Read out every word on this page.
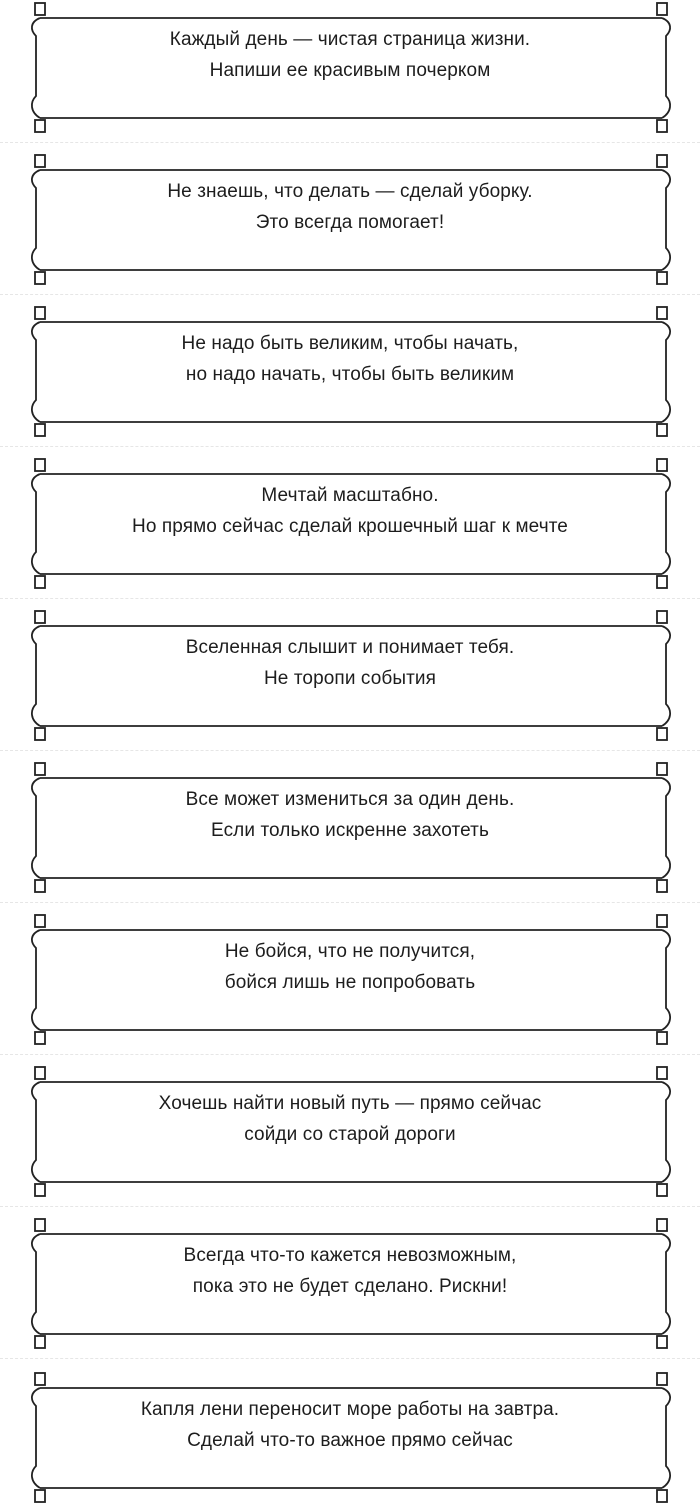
Каждый день — чистая страница жизни.
Напиши ее красивым почерком
Не знаешь, что делать — сделай уборку.
Это всегда помогает!
Не надо быть великим, чтобы начать,
но надо начать, чтобы быть великим
Мечтай масштабно.
Но прямо сейчас сделай крошечный шаг к мечте
Вселенная слышит и понимает тебя.
Не торопи события
Все может измениться за один день.
Если только искренне захотеть
Не бойся, что не получится,
бойся лишь не попробовать
Хочешь найти новый путь — прямо сейчас
сойди со старой дороги
Всегда что-то кажется невозможным,
пока это не будет сделано. Рискни!
Капля лени переносит море работы на завтра.
Сделай что-то важное прямо сейчас
